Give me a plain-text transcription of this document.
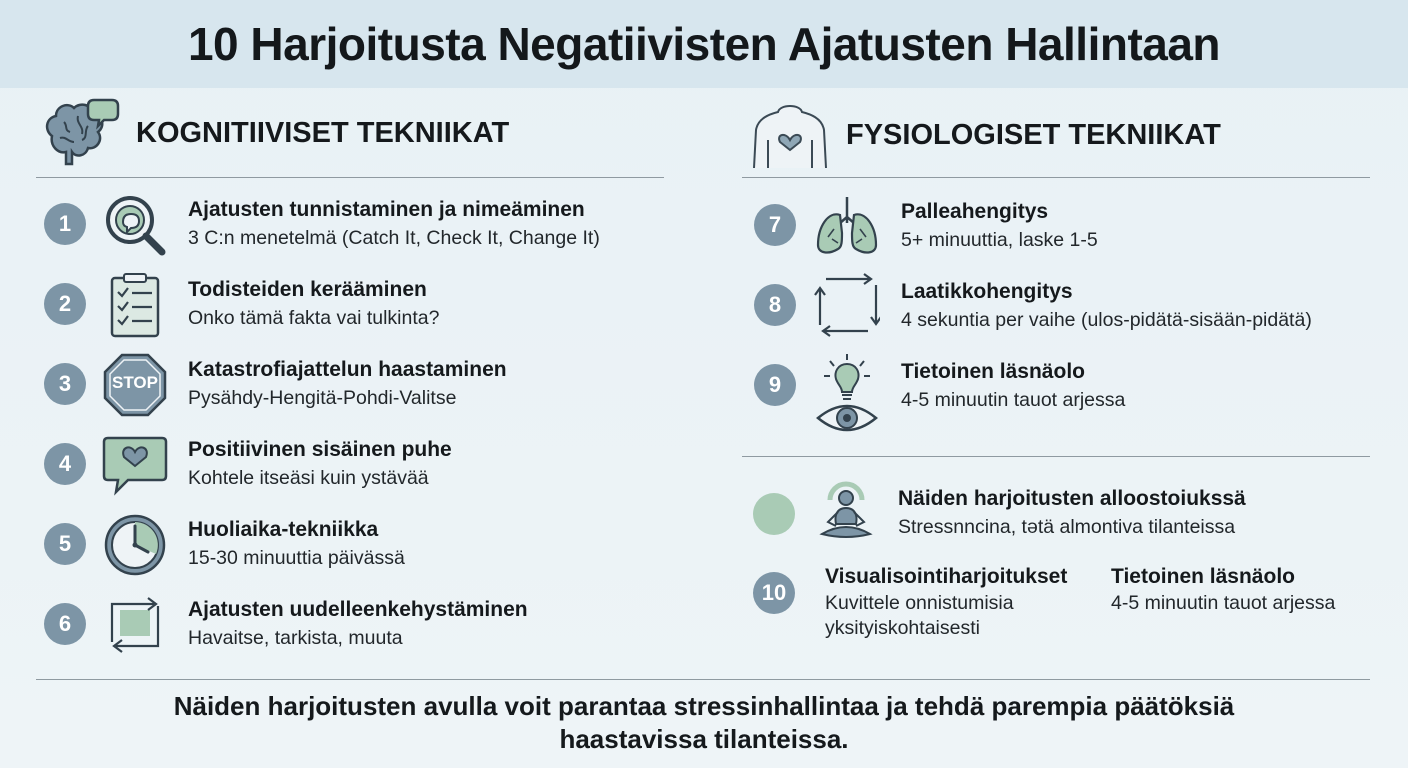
10 Harjoitusta Negatiivisten Ajatusten Hallintaan
KOGNITIIVISET TEKNIIKAT	FYSIOLOGISET TEKNIIKAT
1
Ajatusten tunnistaminen ja nimeäminen
3 C:n menetelmä (Catch It, Check It, Change It)
2
Todisteiden kerääminen
Onko tämä fakta vai tulkinta?
3	STOP
Katastrofiajattelun haastaminen
Pysähdy-Hengitä-Pohdi-Valitse
4
Positiivinen sisäinen puhe
Kohtele itseäsi kuin ystävää
5
Huoliaika-tekniikka
15-30 minuuttia päivässä
6
Ajatusten uudelleenkehystäminen
Havaitse, tarkista, muuta
7
Palleahengitys
5+ minuuttia, laske 1-5
8
Laatikkohengitys
4 sekuntia per vaihe (ulos-pidätä-sisään-pidätä)
9
Tietoinen läsnäolo
4-5 minuutin tauot arjessa
Näiden harjoitusten alloostoiukssä
Stressnncina, tətä almontiva tilanteissa
10
Visualisointiharjoitukset
Kuvittele onnistumisia
yksityiskohtaisesti
Tietoinen läsnäolo
4-5 minuutin tauot arjessa
Näiden harjoitusten avulla voit parantaa stressinhallintaa ja tehdä parempia päätöksiä
haastavissa tilanteissa.
